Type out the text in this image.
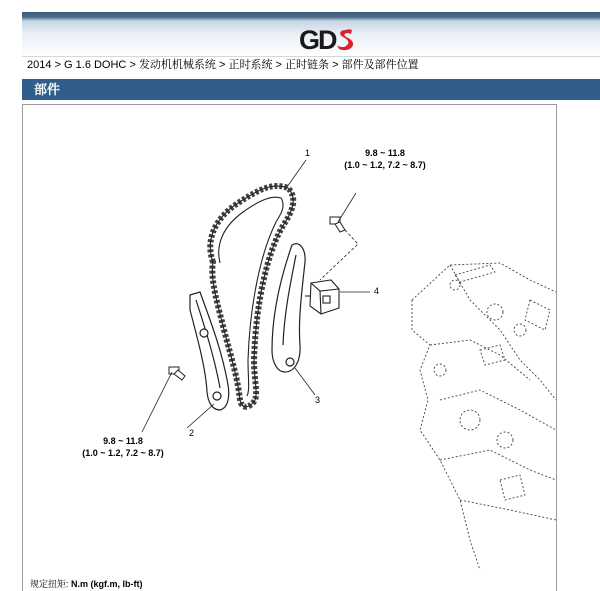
GD
2014 > G 1.6 DOHC > 发动机机械系统 > 正时系统 > 正时链条 > 部件及部件位置
部件
1
2
3
4
9.8 ~ 11.8
(1.0 ~ 1.2, 7.2 ~ 8.7)
9.8 ~ 11.8
(1.0 ~ 1.2, 7.2 ~ 8.7)
规定扭矩: N.m (kgf.m, lb-ft)
